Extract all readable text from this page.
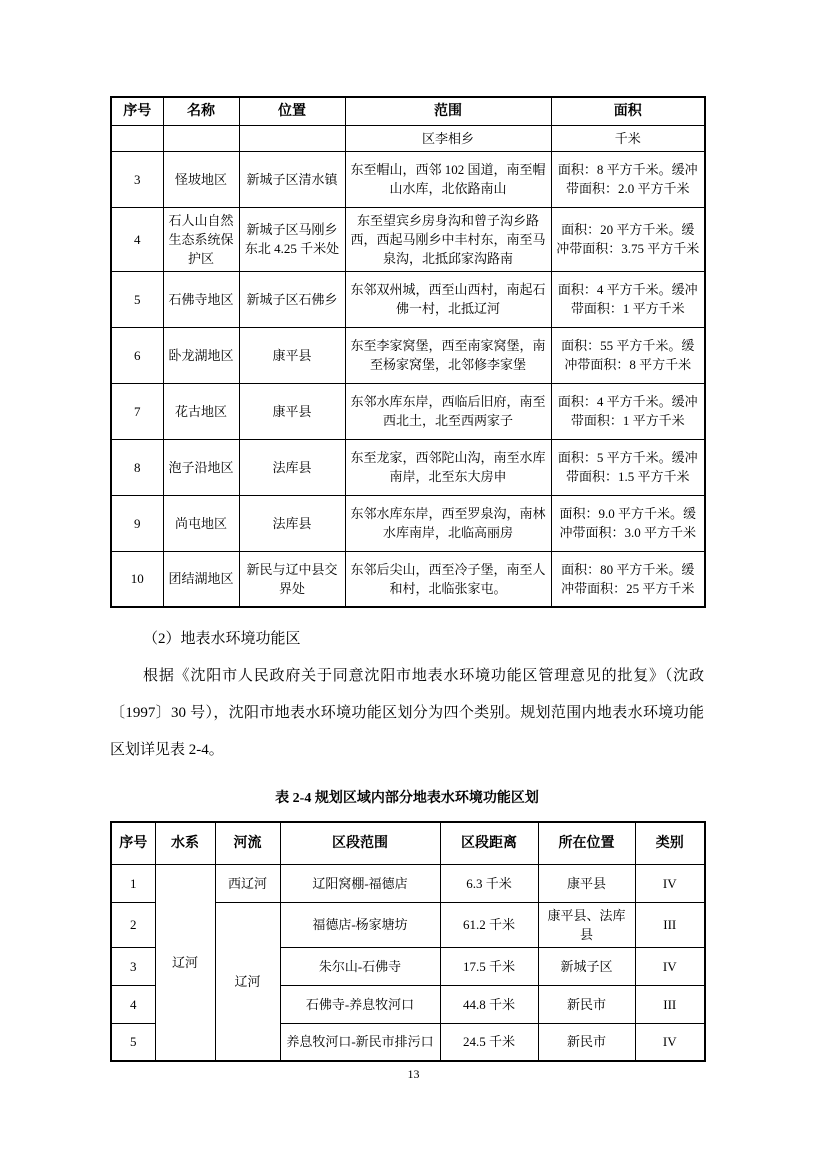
序号	名称	位置	范围	面积
			区李相乡	千米
3	怪坡地区	新城子区清水镇	东至帽山，西邻 102 国道，南至帽山水库，北依路南山	面积：8 平方千米。缓冲带面积：2.0 平方千米
4	石人山自然生态系统保护区	新城子区马刚乡东北 4.25 千米处	东至望宾乡房身沟和曾子沟乡路西，西起马刚乡中丰村东，南至马泉沟，北抵邱家沟路南	面积：20 平方千米。缓冲带面积：3.75 平方千米
5	石佛寺地区	新城子区石佛乡	东邻双州城，西至山西村，南起石佛一村，北抵辽河	面积：4 平方千米。缓冲带面积：1 平方千米
6	卧龙湖地区	康平县	东至李家窝堡，西至南家窝堡，南至杨家窝堡，北邻修李家堡	面积：55 平方千米。缓冲带面积：8 平方千米
7	花古地区	康平县	东邻水库东岸，西临后旧府，南至西北土，北至西两家子	面积：4 平方千米。缓冲带面积：1 平方千米
8	泡子沿地区	法库县	东至龙家，西邻陀山沟，南至水库南岸，北至东大房申	面积：5 平方千米。缓冲带面积：1.5 平方千米
9	尚屯地区	法库县	东邻水库东岸，西至罗泉沟，南林水库南岸，北临高丽房	面积：9.0 平方千米。缓冲带面积：3.0 平方千米
10	团结湖地区	新民与辽中县交界处	东邻后尖山，西至冷子堡，南至人和村，北临张家屯。	面积：80 平方千米。缓冲带面积：25 平方千米
（2）地表水环境功能区

根据《沈阳市人民政府关于同意沈阳市地表水环境功能区管理意见的批复》（沈政〔1997〕30 号），沈阳市地表水环境功能区划分为四个类别。规划范围内地表水环境功能区划详见表 2-4。

表 2-4 规划区域内部分地表水环境功能区划
序号	水系	河流	区段范围	区段距离	所在位置	类别
1	辽河	西辽河	辽阳窝棚-福德店	6.3 千米	康平县	IV
2		辽河	福德店-杨家塘坊	61.2 千米	康平县、法库县	III
3			朱尔山-石佛寺	17.5 千米	新城子区	IV
4			石佛寺-养息牧河口	44.8 千米	新民市	III
5			养息牧河口-新民市排污口	24.5 千米	新民市	IV
13
